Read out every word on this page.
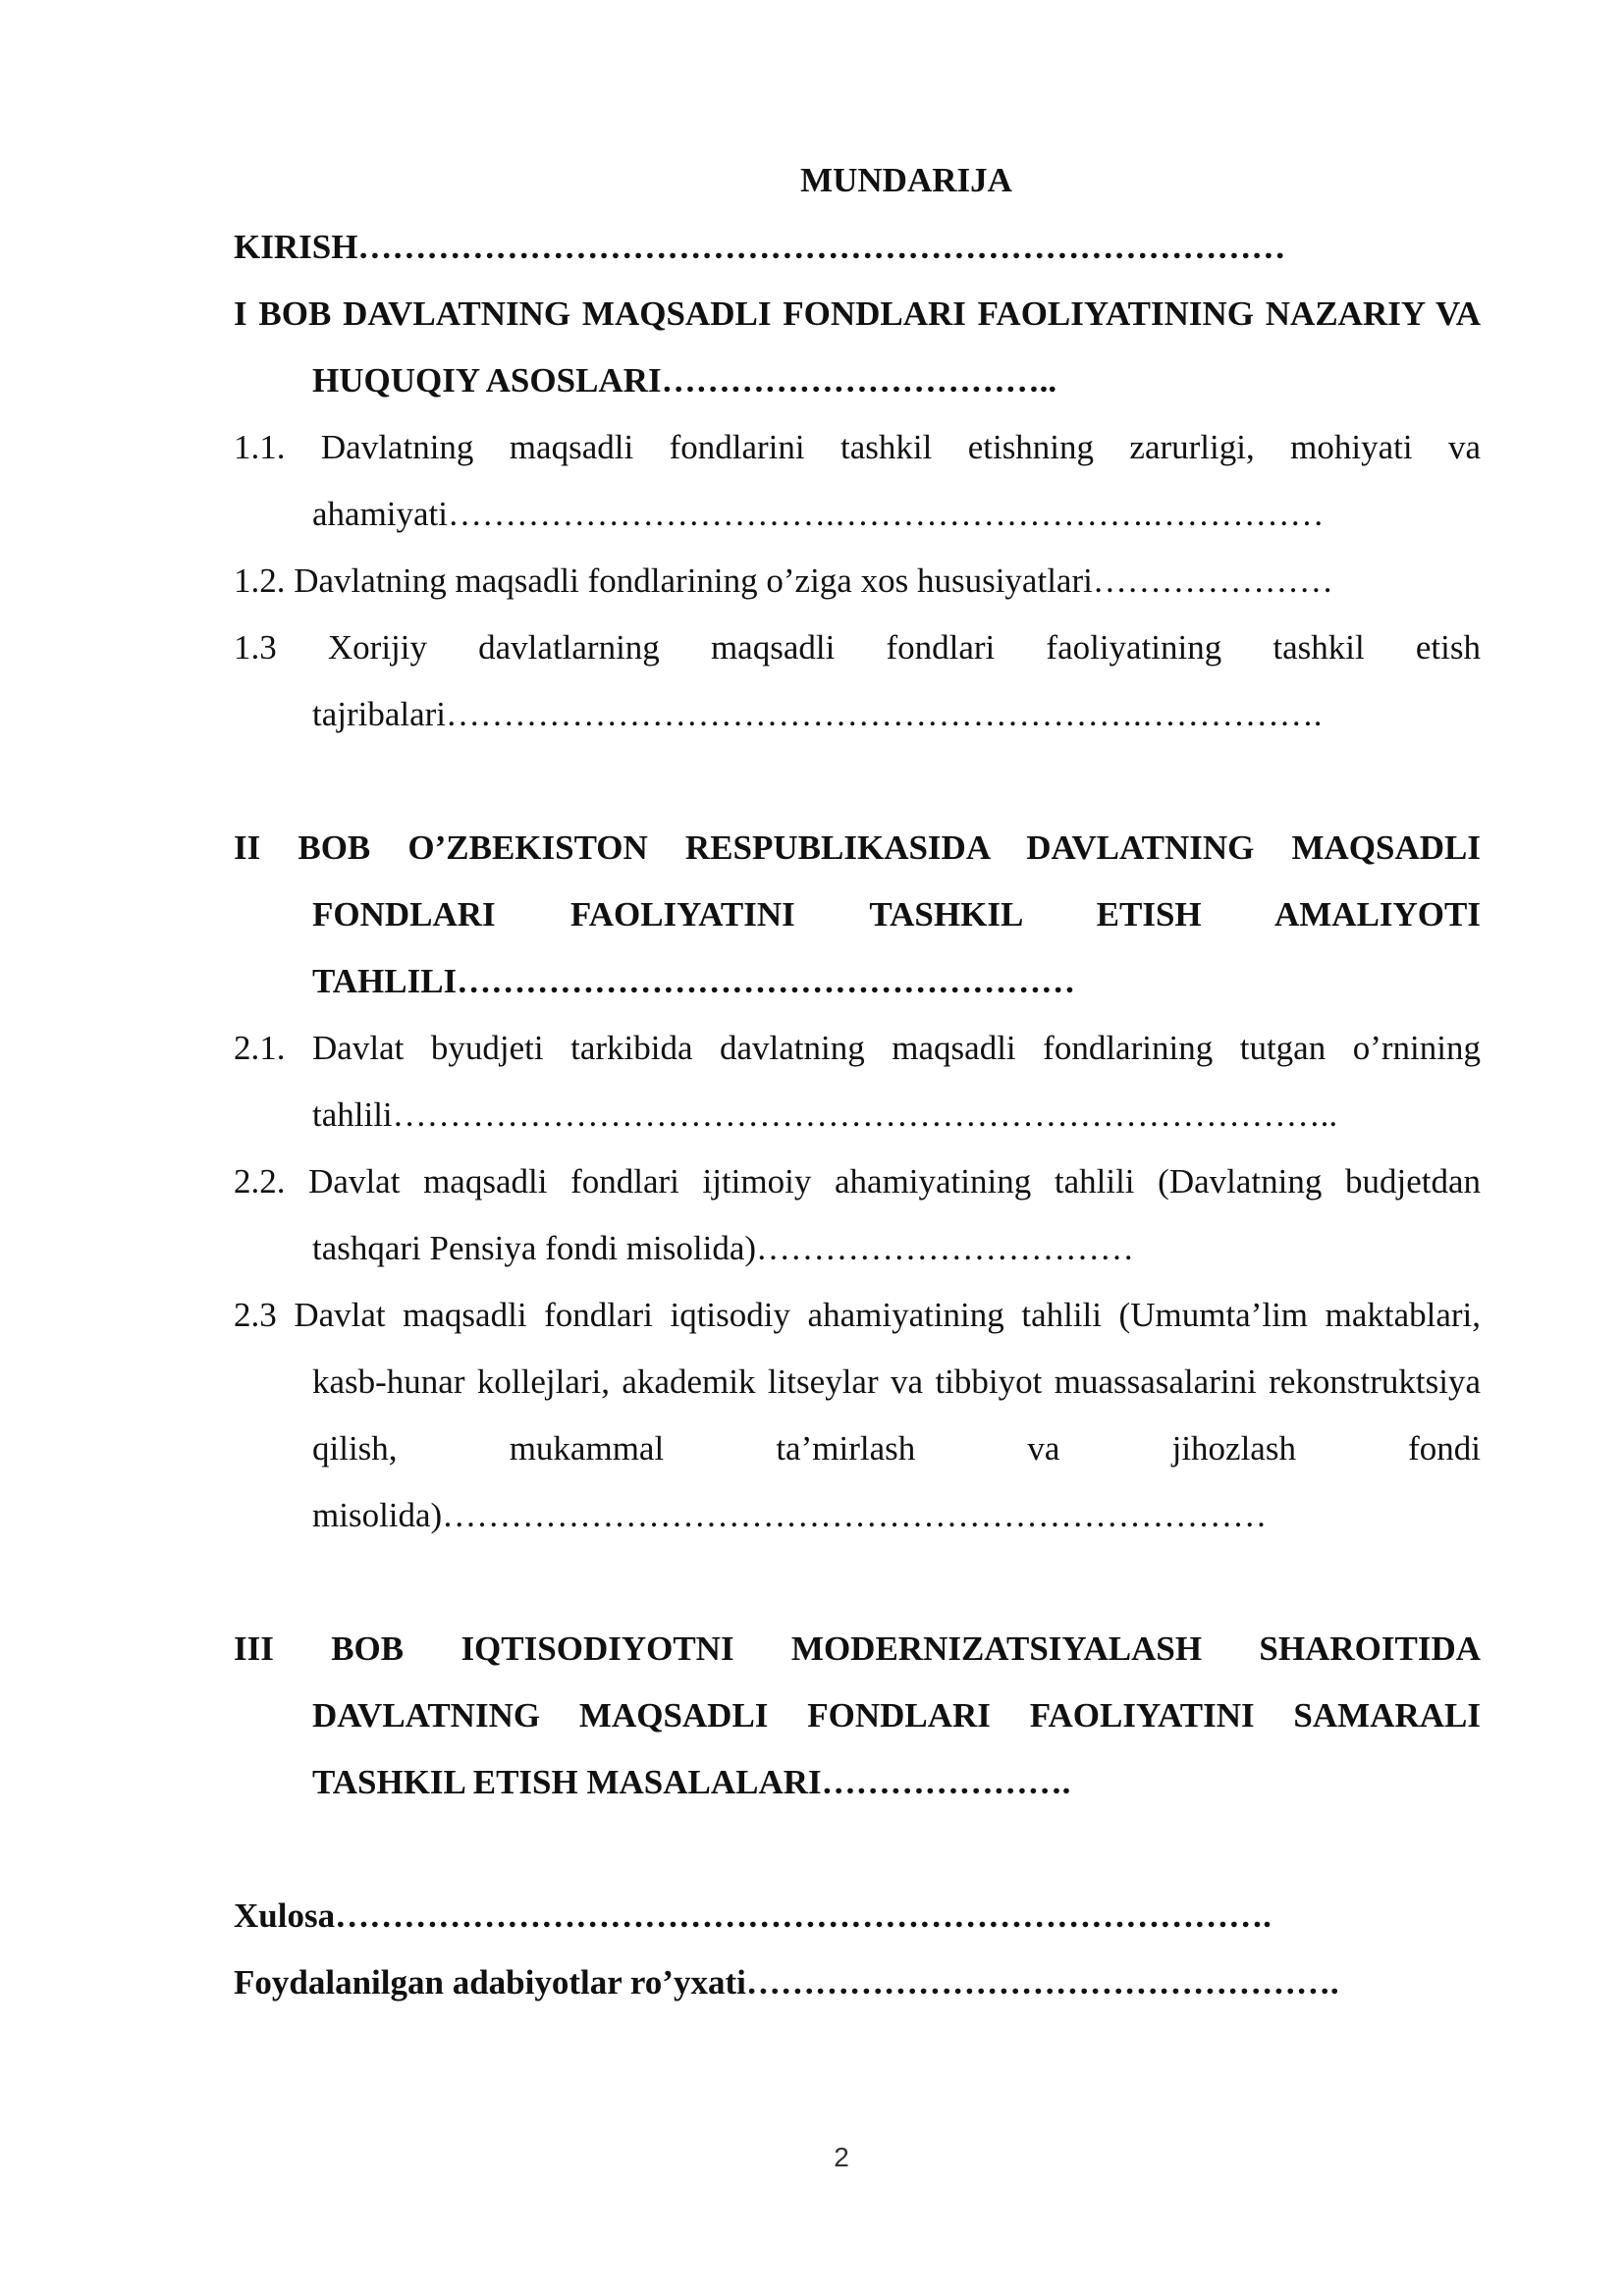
MUNDARIJA

KIRISH………………………………………………………………………

I BOB DAVLATNING MAQSADLI FONDLARI FAOLIYATINING NAZARIY VA HUQUQIY ASOSLARI……………………………..

1.1. Davlatning maqsadli fondlarini tashkil etishning zarurligi, mohiyati va ahamiyati…………………………….……………………….……………

1.2. Davlatning maqsadli fondlarining o’ziga xos hususiyatlari…………………

1.3 Xorijiy davlatlarning maqsadli fondlari faoliyatining tashkil etish tajribalari…………………………………………………….…………….

II BOB O’ZBEKISTON RESPUBLIKASIDA DAVLATNING MAQSADLI FONDLARI FAOLIYATINI TASHKIL ETISH AMALIYOTI TAHLILI………………………………………………

2.1. Davlat byudjeti tarkibida davlatning maqsadli fondlarining tutgan o’rnining tahlili………………………………………………………………………..

2.2. Davlat maqsadli fondlari ijtimoiy ahamiyatining tahlili (Davlatning budjetdan tashqari Pensiya fondi misolida)……………………………

2.3 Davlat maqsadli fondlari iqtisodiy ahamiyatining tahlili (Umumta’lim maktablari, kasb-hunar kollejlari, akademik litseylar va tibbiyot muassasalarini rekonstruktsiya qilish, mukammal ta’mirlash va jihozlash fondi misolida)………………………………………………………………

III BOB IQTISODIYOTNI MODERNIZATSIYALASH SHAROITIDA DAVLATNING MAQSADLI FONDLARI FAOLIYATINI SAMARALI TASHKIL ETISH MASALALARI………………….

Xulosa……………………………………………………………………….

Foydalanilgan adabiyotlar ro’yxati…………………………………………….

2
